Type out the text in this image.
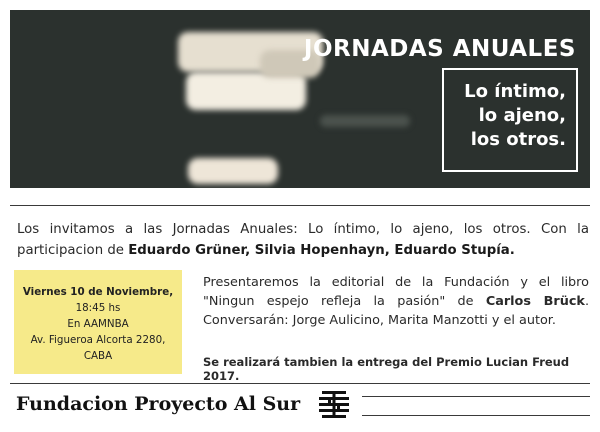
JORNADAS ANUALES
Lo íntimo,
lo ajeno,
los otros.
Los invitamos a las Jornadas Anuales: Lo íntimo, lo ajeno, los otros. Con la participacion de Eduardo Grüner, Silvia Hopenhayn, Eduardo Stupía.
Viernes 10 de Noviembre,
18:45 hs
En AAMNBA
Av. Figueroa Alcorta 2280,
CABA
Presentaremos la editorial de la Fundación y el libro "Ningun espejo refleja la pasión" de Carlos Brück. Conversarán: Jorge Aulicino, Marita Manzotti y el autor.
Se realizará tambien la entrega del Premio Lucian Freud 2017.
Fundacion Proyecto Al Sur
